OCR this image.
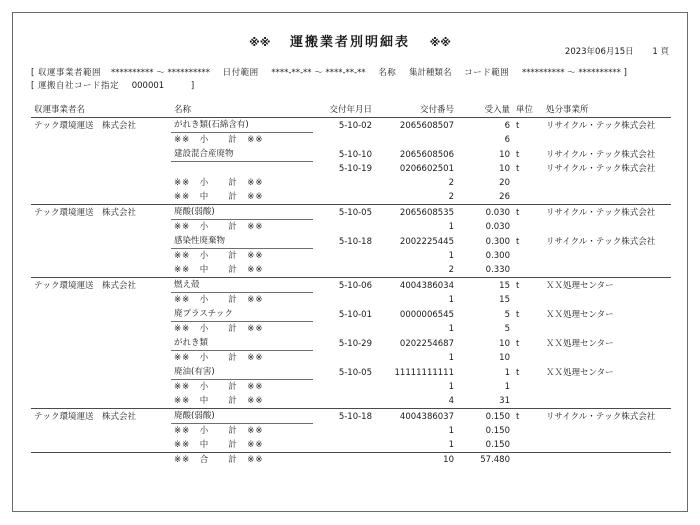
※※ 運搬業者別明細表 ※※
2023年06月15日 1 頁
[ 収運事業者範囲 ********** ～ ********** 日付範囲 ****-**-** ～ ****-**-** 名称 集計種類名 コード範囲 ********** ～ ********** ]
[ 運搬自社コード指定 000001	]
収運事業者名	名称	交付年月日	交付番号	受入量	単位	処分事業所
テック環境運送　株式会社	がれき類(石綿含有)	5-10-02	2065608507	6	t	リサイクル・テック株式会社
	※※　小　　計　※※			6		
	建設混合産廃物	5-10-10	2065608506	10	t	リサイクル・テック株式会社
		5-10-19	0206602501	10	t	リサイクル・テック株式会社
	※※　小　　計　※※		2	20		
	※※　中　　計　※※		2	26		
テック環境運送　株式会社	廃酸(弱酸)	5-10-05	2065608535	0.030	t	リサイクル・テック株式会社
	※※　小　　計　※※		1	0.030		
	感染性廃棄物	5-10-18	2002225445	0.300	t	リサイクル・テック株式会社
	※※　小　　計　※※		1	0.300		
	※※　中　　計　※※		2	0.330		
テック環境運送　株式会社	燃え殻	5-10-06	4004386034	15	t	ＸＸ処理センター
	※※　小　　計　※※		1	15		
	廃プラスチック	5-10-01	0000006545	5	t	ＸＸ処理センター
	※※　小　　計　※※		1	5		
	がれき類	5-10-29	0202254687	10	t	ＸＸ処理センター
	※※　小　　計　※※		1	10		
	廃油(有害)	5-10-05	11111111111	1	t	ＸＸ処理センター
	※※　小　　計　※※		1	1		
	※※　中　　計　※※		4	31		
テック環境運送　株式会社	廃酸(弱酸)	5-10-18	4004386037	0.150	t	リサイクル・テック株式会社
	※※　小　　計　※※		1	0.150		
	※※　中　　計　※※		1	0.150		
	※※　合　　計　※※		10	57.480		
